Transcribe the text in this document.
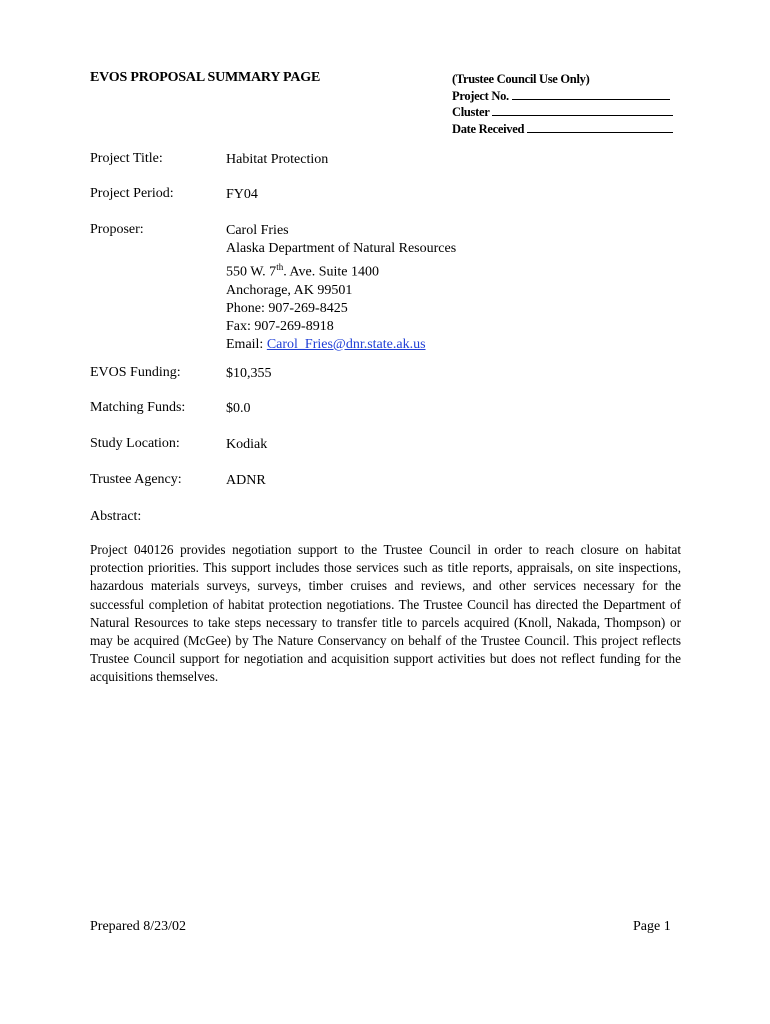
EVOS PROPOSAL SUMMARY PAGE	(Trustee Council Use Only)
Project No.
Cluster
Date Received
Project Title:	Habitat Protection
Project Period:	FY04
Proposer:	Carol Fries
Alaska Department of Natural Resources
550 W. 7th. Ave. Suite 1400
Anchorage, AK 99501
Phone: 907-269-8425
Fax: 907-269-8918
Email: Carol_Fries@dnr.state.ak.us
EVOS Funding:	$10,355
Matching Funds:	$0.0
Study Location:	Kodiak
Trustee Agency:	ADNR
Abstract:
Project 040126 provides negotiation support to the Trustee Council in order to reach closure on habitat protection priorities. This support includes those services such as title reports, appraisals, on site inspections, hazardous materials surveys, surveys, timber cruises and reviews, and other services necessary for the successful completion of habitat protection negotiations. The Trustee Council has directed the Department of Natural Resources to take steps necessary to transfer title to parcels acquired (Knoll, Nakada, Thompson) or may be acquired (McGee) by The Nature Conservancy on behalf of the Trustee Council. This project reflects Trustee Council support for negotiation and acquisition support activities but does not reflect funding for the acquisitions themselves.
Prepared 8/23/02	Page 1
